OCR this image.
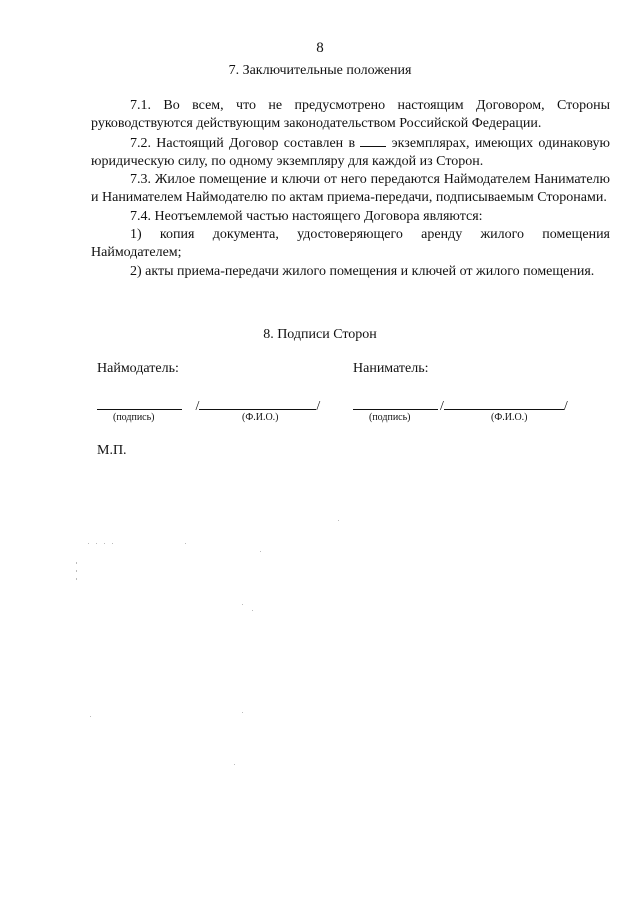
8
7. Заключительные положения

7.1. Во всем, что не предусмотрено настоящим Договором, Стороны руководствуются действующим законодательством Российской Федерации.

7.2. Настоящий Договор составлен в	экземплярах, имеющих одинаковую юридическую силу, по одному экземпляру для каждой из Сторон.

7.3. Жилое помещение и ключи от него передаются Наймодателем Нанимателю и Нанимателем Наймодателю по актам приема-передачи, подписываемым Сторонами.

7.4. Неотъемлемой частью настоящего Договора являются:

1) копия документа, удостоверяющего аренду жилого помещения Наймодателем;

2) акты приема-передачи жилого помещения и ключей от жилого помещения.

8. Подписи Сторон
Наймодатель:	Наниматель:
/	/	/	/
(подпись)	(Ф.И.О.)	(подпись)	(Ф.И.О.)
М.П.
